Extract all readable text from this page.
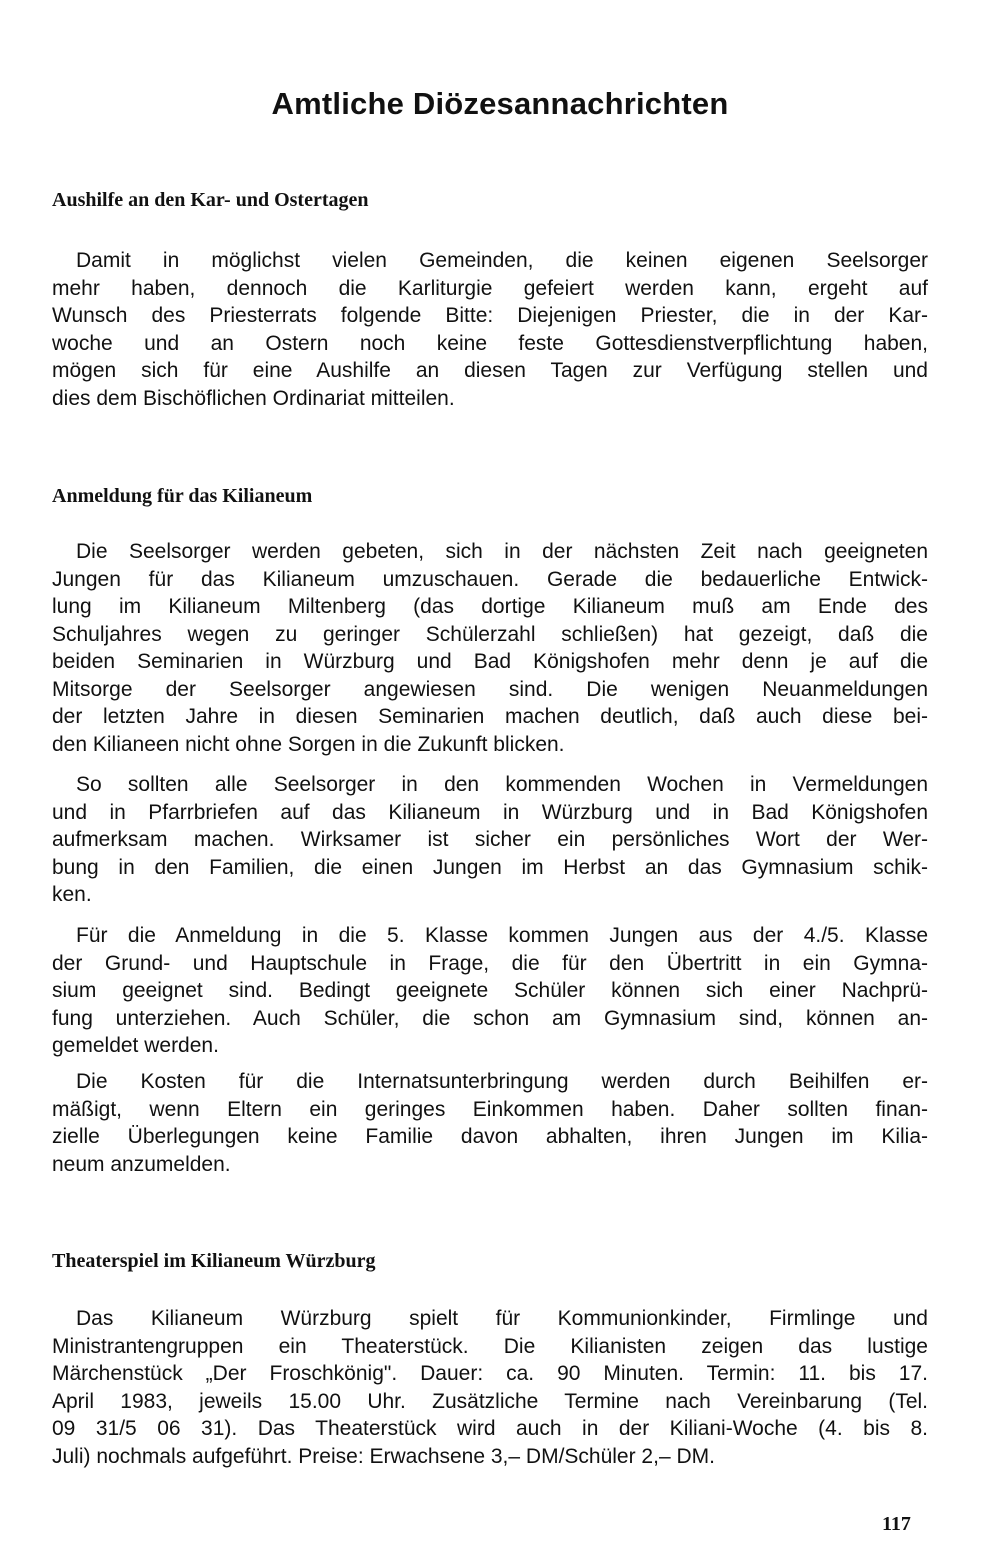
Amtliche Diözesannachrichten
Aushilfe an den Kar- und Ostertagen
Damit in möglichst vielen Gemeinden, die keinen eigenen Seelsorger
mehr haben, dennoch die Karliturgie gefeiert werden kann, ergeht auf
Wunsch des Priesterrats folgende Bitte: Diejenigen Priester, die in der Kar-
woche und an Ostern noch keine feste Gottesdienstverpflichtung haben,
mögen sich für eine Aushilfe an diesen Tagen zur Verfügung stellen und
dies dem Bischöflichen Ordinariat mitteilen.
Anmeldung für das Kilianeum
Die Seelsorger werden gebeten, sich in der nächsten Zeit nach geeigneten
Jungen für das Kilianeum umzuschauen. Gerade die bedauerliche Entwick-
lung im Kilianeum Miltenberg (das dortige Kilianeum muß am Ende des
Schuljahres wegen zu geringer Schülerzahl schließen) hat gezeigt, daß die
beiden Seminarien in Würzburg und Bad Königshofen mehr denn je auf die
Mitsorge der Seelsorger angewiesen sind. Die wenigen Neuanmeldungen
der letzten Jahre in diesen Seminarien machen deutlich, daß auch diese bei-
den Kilianeen nicht ohne Sorgen in die Zukunft blicken.
So sollten alle Seelsorger in den kommenden Wochen in Vermeldungen
und in Pfarrbriefen auf das Kilianeum in Würzburg und in Bad Königshofen
aufmerksam machen. Wirksamer ist sicher ein persönliches Wort der Wer-
bung in den Familien, die einen Jungen im Herbst an das Gymnasium schik-
ken.
Für die Anmeldung in die 5. Klasse kommen Jungen aus der 4./5. Klasse
der Grund- und Hauptschule in Frage, die für den Übertritt in ein Gymna-
sium geeignet sind. Bedingt geeignete Schüler können sich einer Nachprü-
fung unterziehen. Auch Schüler, die schon am Gymnasium sind, können an-
gemeldet werden.
Die Kosten für die Internatsunterbringung werden durch Beihilfen er-
mäßigt, wenn Eltern ein geringes Einkommen haben. Daher sollten finan-
zielle Überlegungen keine Familie davon abhalten, ihren Jungen im Kilia-
neum anzumelden.
Theaterspiel im Kilianeum Würzburg
Das Kilianeum Würzburg spielt für Kommunionkinder, Firmlinge und
Ministrantengruppen ein Theaterstück. Die Kilianisten zeigen das lustige
Märchenstück „Der Froschkönig". Dauer: ca. 90 Minuten. Termin: 11. bis 17.
April 1983, jeweils 15.00 Uhr. Zusätzliche Termine nach Vereinbarung (Tel.
09 31/5 06 31). Das Theaterstück wird auch in der Kiliani-Woche (4. bis 8.
Juli) nochmals aufgeführt. Preise: Erwachsene 3,– DM/Schüler 2,– DM.
117
